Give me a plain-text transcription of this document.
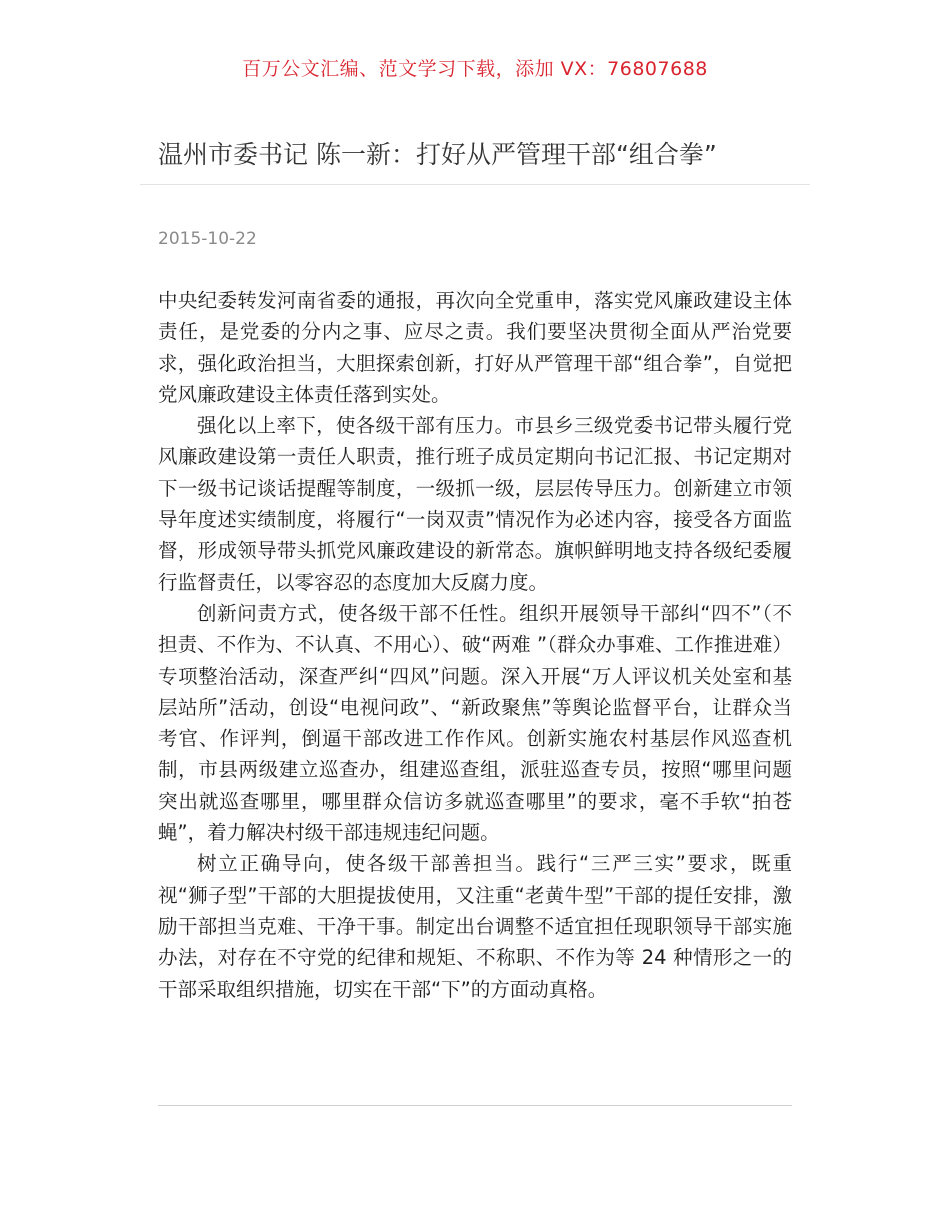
百万公文汇编、范文学习下载，添加 VX：76807688
温州市委书记 陈一新：打好从严管理干部“组合拳”
2015-10-22

中央纪委转发河南省委的通报，再次向全党重申，落实党风廉政建设主体责任，是党委的分内之事、应尽之责。我们要坚决贯彻全面从严治党要求，强化政治担当，大胆探索创新，打好从严管理干部“组合拳”，自觉把党风廉政建设主体责任落到实处。

强化以上率下，使各级干部有压力。市县乡三级党委书记带头履行党风廉政建设第一责任人职责，推行班子成员定期向书记汇报、书记定期对下一级书记谈话提醒等制度，一级抓一级，层层传导压力。创新建立市领导年度述实绩制度，将履行“一岗双责”情况作为必述内容，接受各方面监督，形成领导带头抓党风廉政建设的新常态。旗帜鲜明地支持各级纪委履行监督责任，以零容忍的态度加大反腐力度。

创新问责方式，使各级干部不任性。组织开展领导干部纠“四不”（不担责、不作为、不认真、不用心）、破“两难 ”（群众办事难、工作推进难）专项整治活动，深查严纠“四风”问题。深入开展“万人评议机关处室和基层站所”活动，创设“电视问政”、“新政聚焦”等舆论监督平台，让群众当考官、作评判，倒逼干部改进工作作风。创新实施农村基层作风巡查机制，市县两级建立巡查办，组建巡查组，派驻巡查专员，按照“哪里问题突出就巡查哪里，哪里群众信访多就巡查哪里”的要求，毫不手软“拍苍蝇”，着力解决村级干部违规违纪问题。

树立正确导向，使各级干部善担当。践行“三严三实”要求，既重视“狮子型”干部的大胆提拔使用，又注重“老黄牛型”干部的提任安排，激励干部担当克难、干净干事。制定出台调整不适宜担任现职领导干部实施办法，对存在不守党的纪律和规矩、不称职、不作为等 24 种情形之一的干部采取组织措施，切实在干部“下”的方面动真格。
